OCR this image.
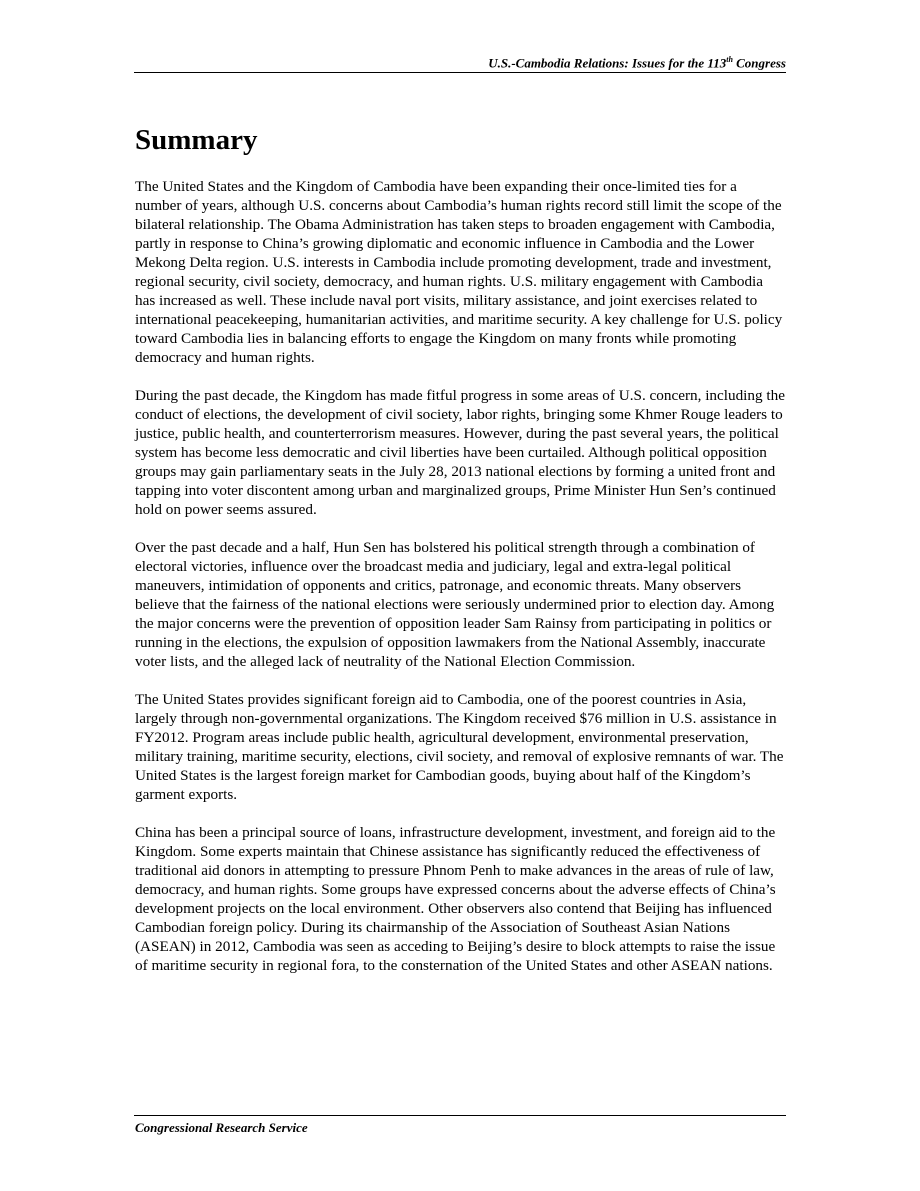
U.S.-Cambodia Relations: Issues for the 113th Congress
Summary

The United States and the Kingdom of Cambodia have been expanding their once-limited ties for a number of years, although U.S. concerns about Cambodia’s human rights record still limit the scope of the bilateral relationship. The Obama Administration has taken steps to broaden engagement with Cambodia, partly in response to China’s growing diplomatic and economic influence in Cambodia and the Lower Mekong Delta region. U.S. interests in Cambodia include promoting development, trade and investment, regional security, civil society, democracy, and human rights. U.S. military engagement with Cambodia has increased as well. These include naval port visits, military assistance, and joint exercises related to international peacekeeping, humanitarian activities, and maritime security. A key challenge for U.S. policy toward Cambodia lies in balancing efforts to engage the Kingdom on many fronts while promoting democracy and human rights.

During the past decade, the Kingdom has made fitful progress in some areas of U.S. concern, including the conduct of elections, the development of civil society, labor rights, bringing some Khmer Rouge leaders to justice, public health, and counterterrorism measures. However, during the past several years, the political system has become less democratic and civil liberties have been curtailed. Although political opposition groups may gain parliamentary seats in the July 28, 2013 national elections by forming a united front and tapping into voter discontent among urban and marginalized groups, Prime Minister Hun Sen’s continued hold on power seems assured.

Over the past decade and a half, Hun Sen has bolstered his political strength through a combination of electoral victories, influence over the broadcast media and judiciary, legal and extra-legal political maneuvers, intimidation of opponents and critics, patronage, and economic threats. Many observers believe that the fairness of the national elections were seriously undermined prior to election day. Among the major concerns were the prevention of opposition leader Sam Rainsy from participating in politics or running in the elections, the expulsion of opposition lawmakers from the National Assembly, inaccurate voter lists, and the alleged lack of neutrality of the National Election Commission.

The United States provides significant foreign aid to Cambodia, one of the poorest countries in Asia, largely through non-governmental organizations. The Kingdom received $76 million in U.S. assistance in FY2012. Program areas include public health, agricultural development, environmental preservation, military training, maritime security, elections, civil society, and removal of explosive remnants of war. The United States is the largest foreign market for Cambodian goods, buying about half of the Kingdom’s garment exports.

China has been a principal source of loans, infrastructure development, investment, and foreign aid to the Kingdom. Some experts maintain that Chinese assistance has significantly reduced the effectiveness of traditional aid donors in attempting to pressure Phnom Penh to make advances in the areas of rule of law, democracy, and human rights. Some groups have expressed concerns about the adverse effects of China’s development projects on the local environment. Other observers also contend that Beijing has influenced Cambodian foreign policy. During its chairmanship of the Association of Southeast Asian Nations (ASEAN) in 2012, Cambodia was seen as acceding to Beijing’s desire to block attempts to raise the issue of maritime security in regional fora, to the consternation of the United States and other ASEAN nations.

Congressional Research Service
